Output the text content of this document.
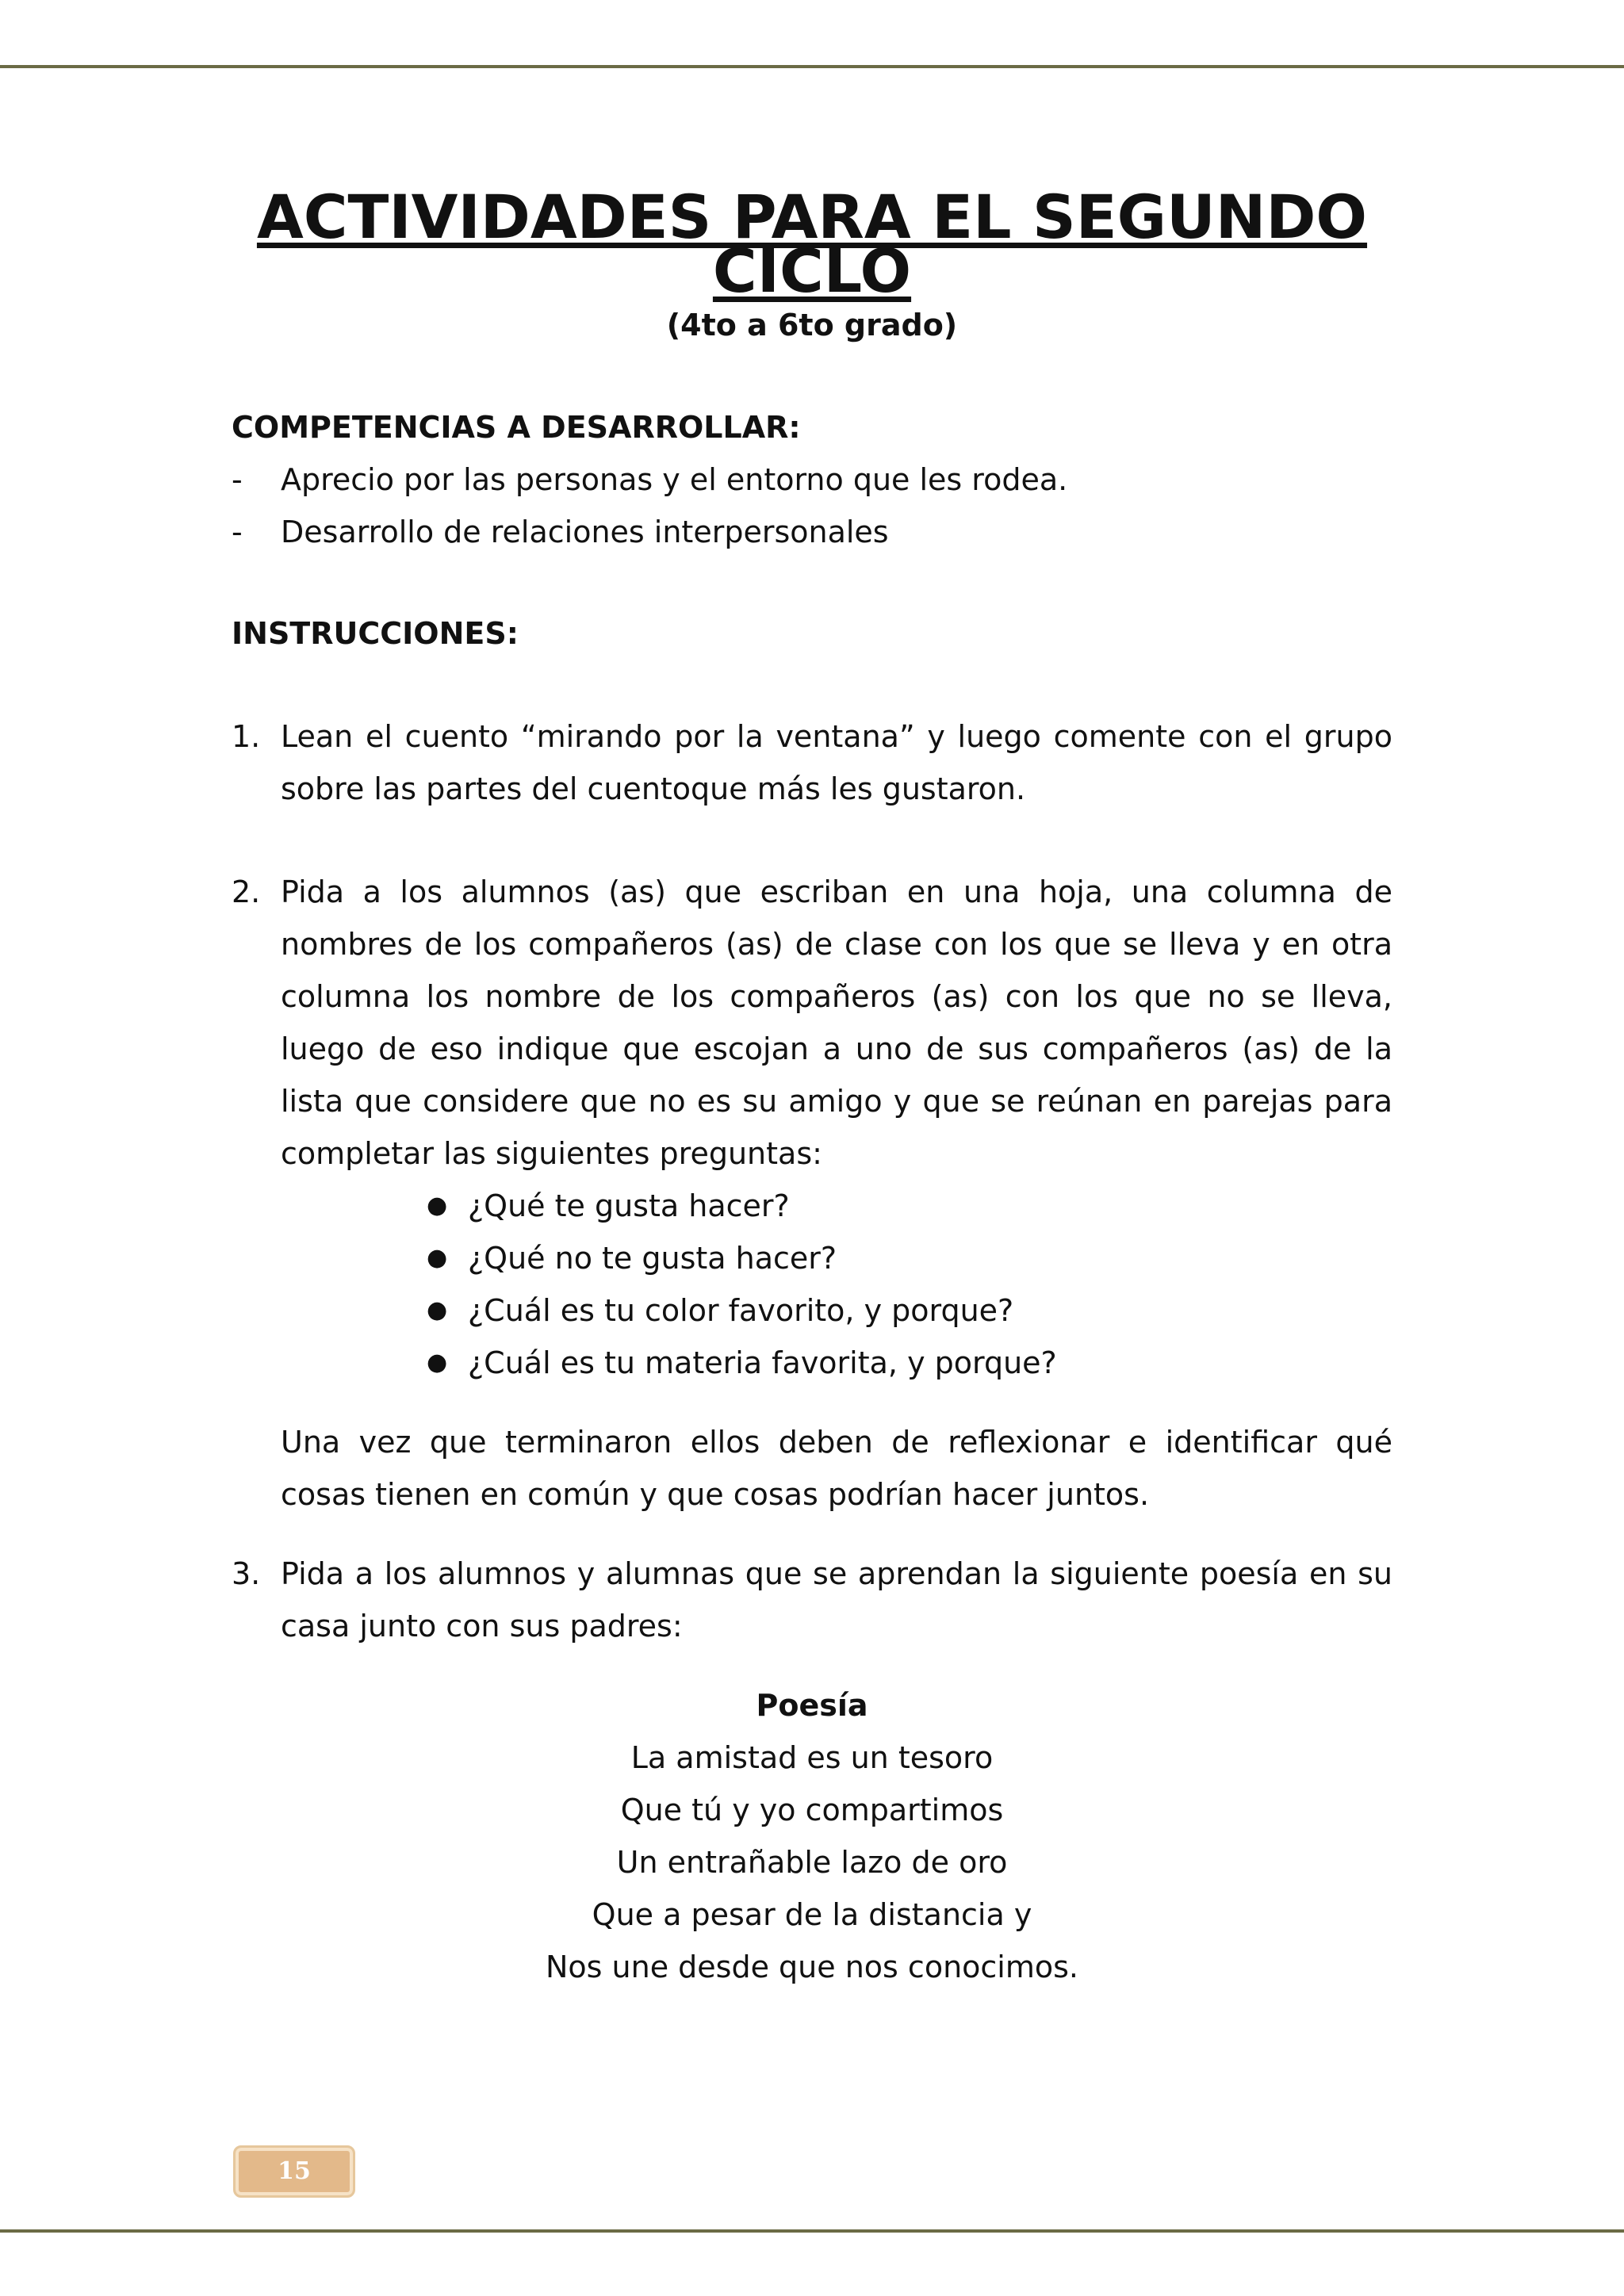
ACTIVIDADES PARA EL SEGUNDO CICLO
(4to a 6to grado)
COMPETENCIAS A DESARROLLAR:
- Aprecio por las personas y el entorno que les rodea.
- Desarrollo de relaciones interpersonales
INSTRUCCIONES:
1. Lean el cuento “mirando por la ventana” y luego comente con el grupo sobre las partes del cuentoque más les gustaron.
2. Pida a los alumnos (as) que escriban en una hoja, una columna de nombres de los compañeros (as) de clase con los que se lleva y en otra columna los nombre de los compañeros (as) con los que no se lleva, luego de eso indique que escojan a uno de sus compañeros (as) de la lista que considere que no es su amigo y que se reúnan en parejas para completar las siguientes preguntas:
● ¿Qué te gusta hacer?
● ¿Qué no te gusta hacer?
● ¿Cuál es tu color favorito, y porque?
● ¿Cuál es tu materia favorita, y porque?
Una vez que terminaron ellos deben de reflexionar e identificar qué cosas tienen en común y que cosas podrían hacer juntos.
3. Pida a los alumnos y alumnas que se aprendan la siguiente poesía en su casa junto con sus padres:
Poesía
La amistad es un tesoro
Que tú y yo compartimos
Un entrañable lazo de oro
Que a pesar de la distancia y
Nos une desde que nos conocimos.
15
